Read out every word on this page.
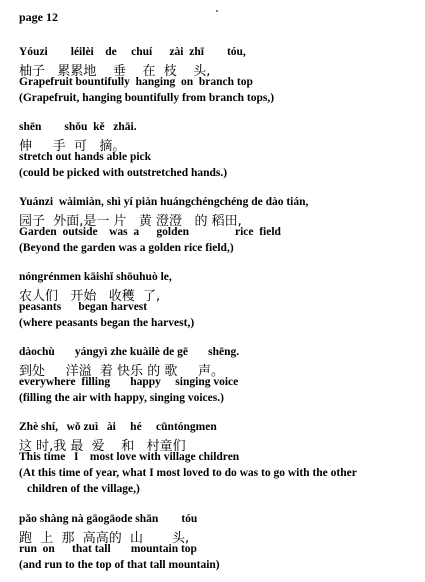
page 12
Yóuzi        léilèi    de     chuí      zài  zhī        tóu,
柚子   累累地    垂    在  枝    头,
Grapefruit bountifully  hanging  on  branch top
(Grapefruit, hanging bountifully from branch tops,)
shēn        shǒu  kě   zhāi.
伸     手  可   摘。
stretch out hands able pick
(could be picked with outstretched hands.)
Yuánzi  wàimiàn, shì yí piàn huángchéngchéng de dào tián,
园子  外面,是一 片   黄 澄澄   的 稻田,
Garden  outside    was  a      golden                rice  field
(Beyond the garden was a golden rice field,)
nóngrénmen kāishǐ shōuhuò le,
农人们   开始   收穫  了,
peasants      began harvest
(where peasants began the harvest,)
dàochù       yángyì zhe kuàilè de gē       shēng.
到处     洋溢  着 快乐 的 歌     声。
everywhere  filling       happy     singing voice
(filling the air with happy, singing voices.)
Zhè shí,   wǒ zuì   ài     hé     cūntóngmen
这 时,我 最  爱    和   村童们
This time   I    most love with village children
(At this time of year, what I most loved to do was to go with the other
children of the village,)
pǎo shàng nà gāogāode shān        tóu
跑  上  那  高高的  山       头,
run  on      that tall       mountain top
(and run to the top of that tall mountain)
